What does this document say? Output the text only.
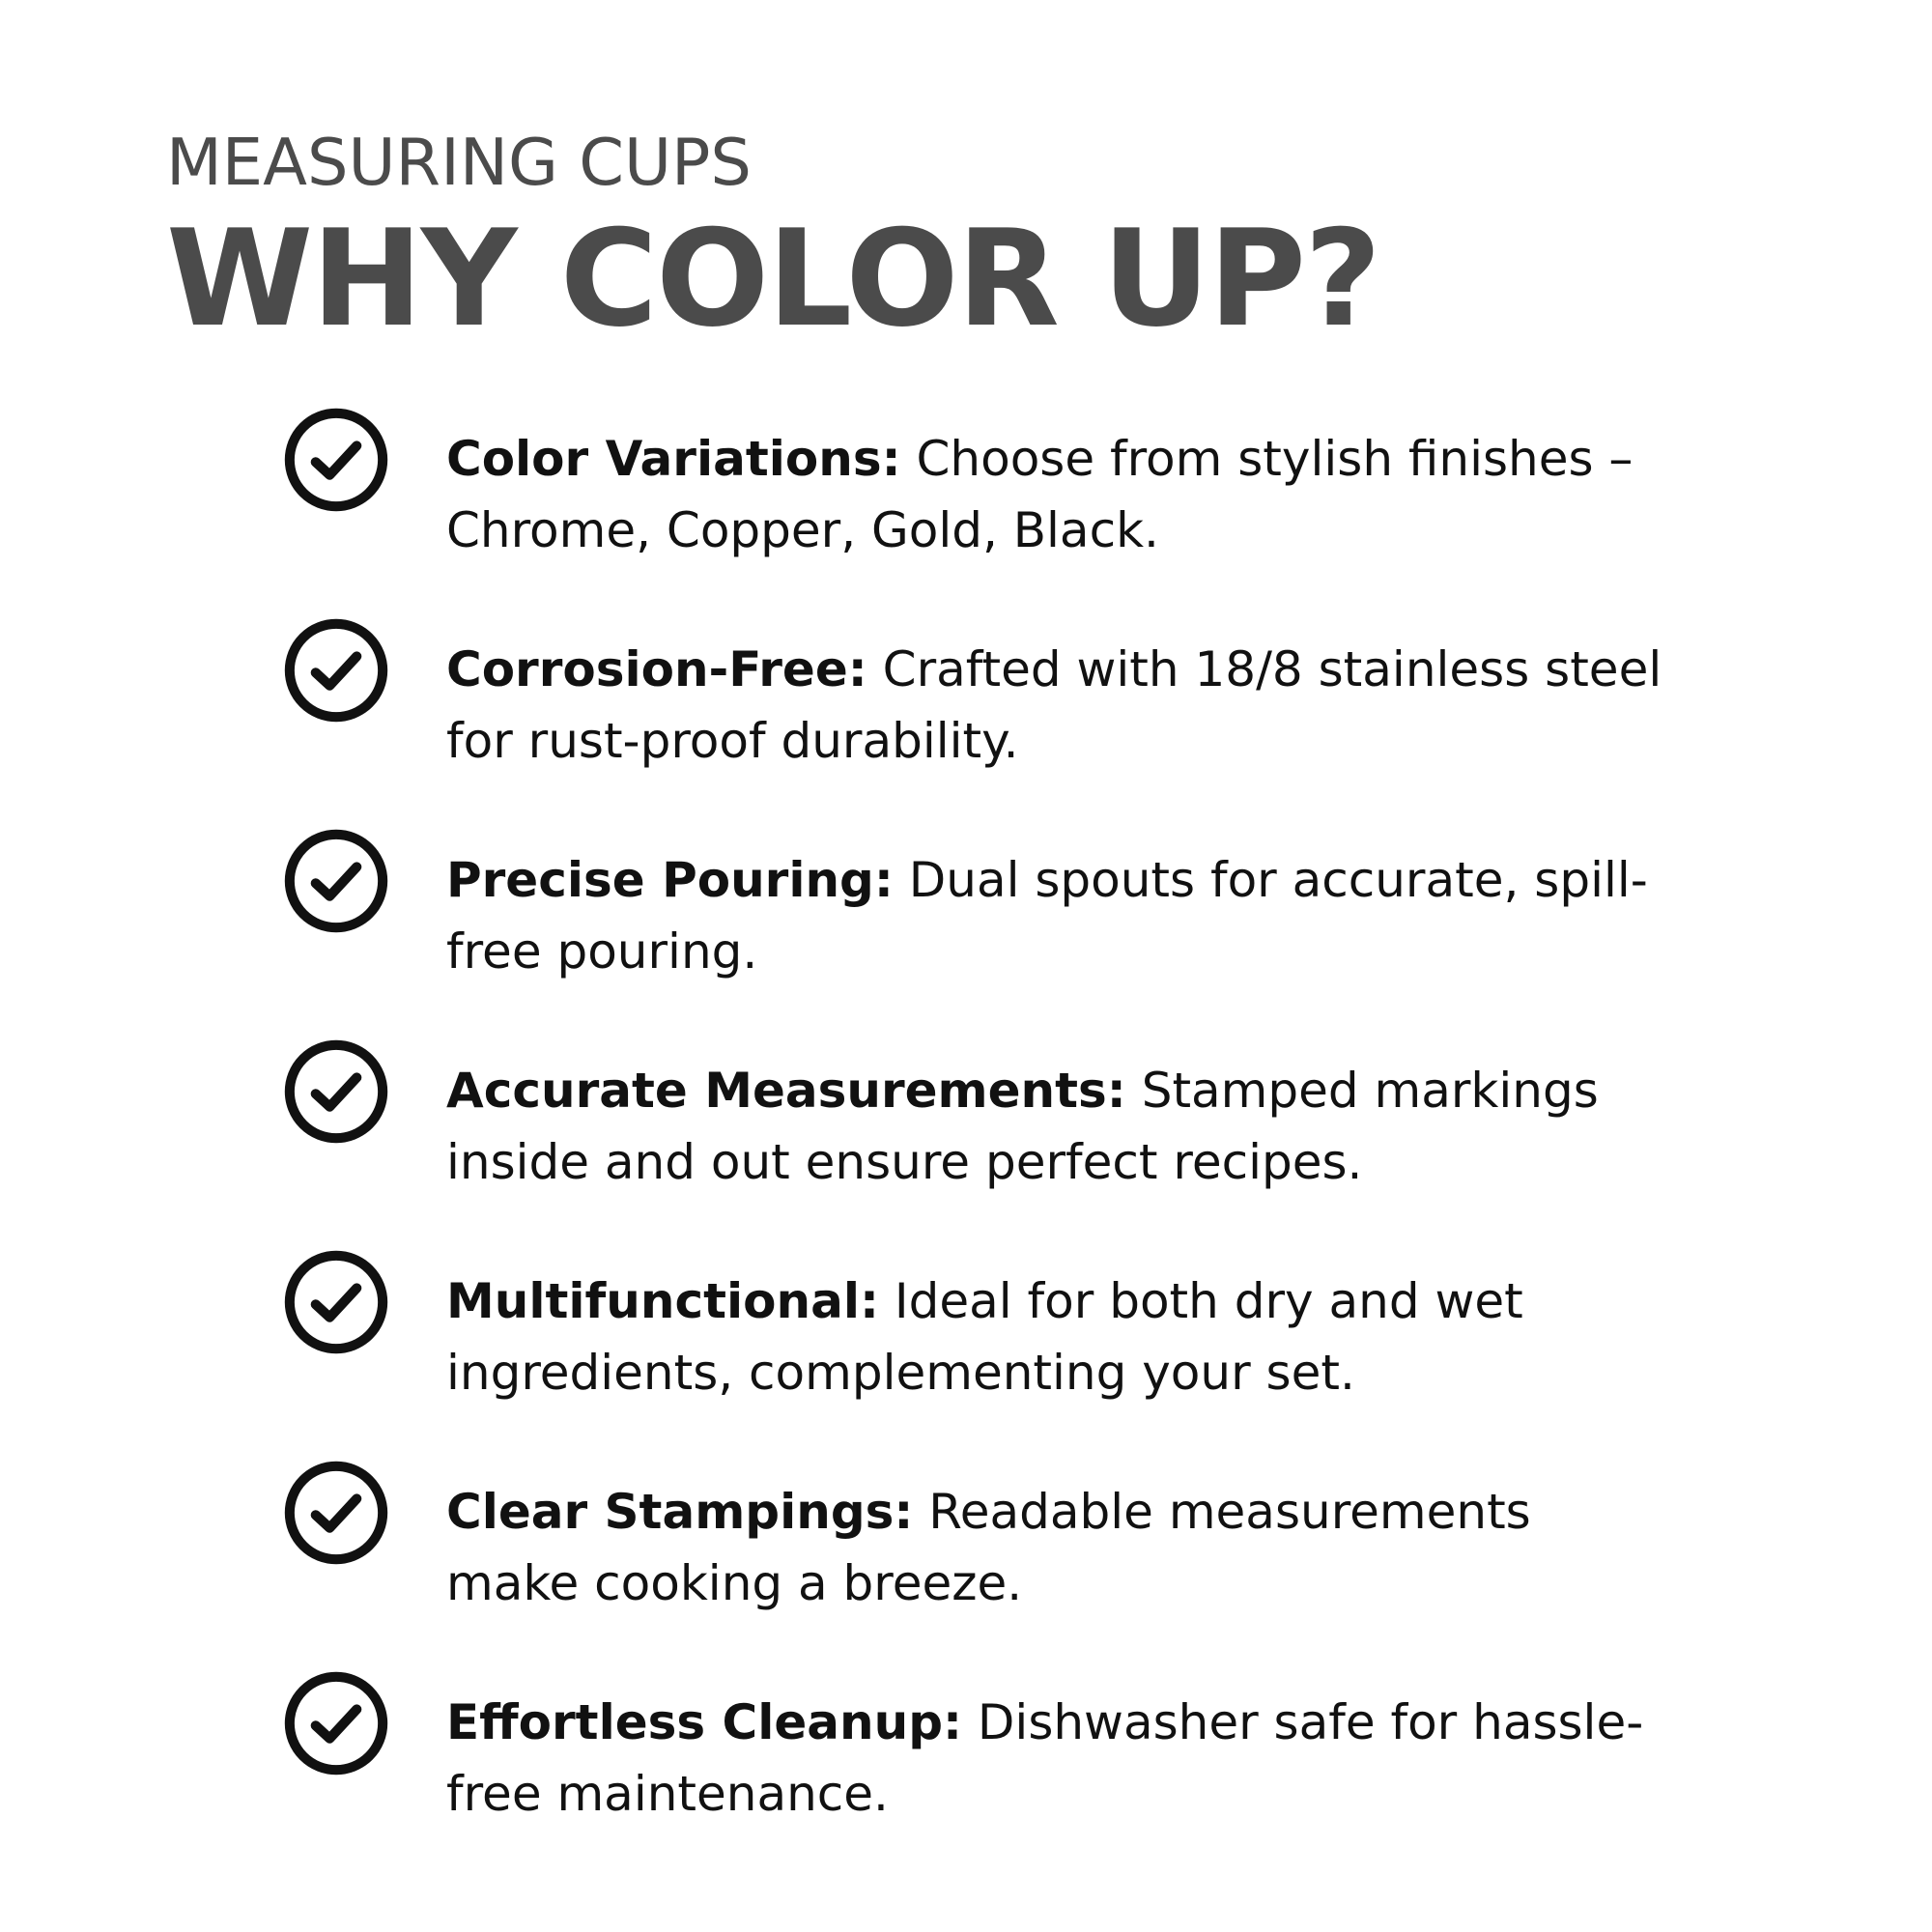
MEASURING CUPS
WHY COLOR UP?
Color Variations: Choose from stylish finishes – Chrome, Copper, Gold, Black.
Corrosion-Free: Crafted with 18/8 stainless steel for rust-proof durability.
Precise Pouring: Dual spouts for accurate, spill-free pouring.
Accurate Measurements: Stamped markings inside and out ensure perfect recipes.
Multifunctional: Ideal for both dry and wet ingredients, complementing your set.
Clear Stampings: Readable measurements make cooking a breeze.
Effortless Cleanup: Dishwasher safe for hassle-free maintenance.
